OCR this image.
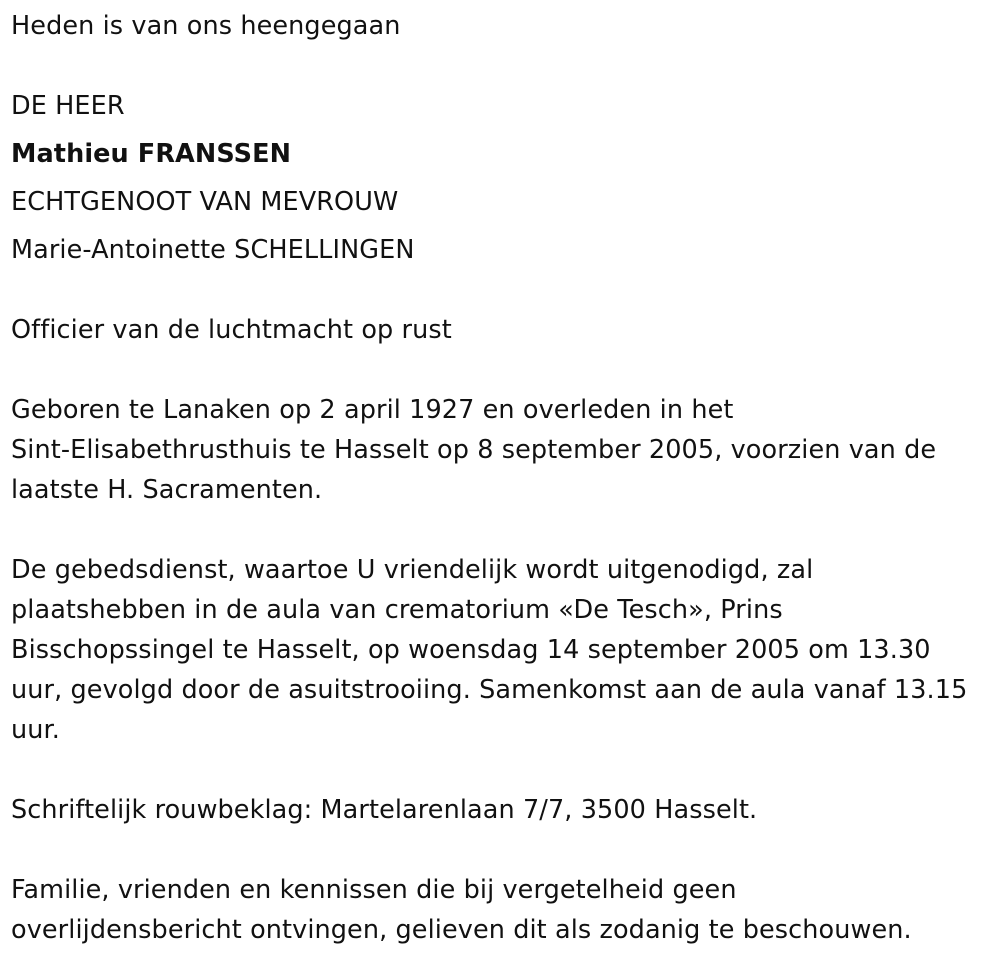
Heden is van ons heengegaan
DE HEER
Mathieu FRANSSEN
ECHTGENOOT VAN MEVROUW
Marie-Antoinette SCHELLINGEN
Officier van de luchtmacht op rust
Geboren te Lanaken op 2 april 1927 en overleden in het
Sint-Elisabethrusthuis te Hasselt op 8 september 2005, voorzien van de
laatste H. Sacramenten.
De gebedsdienst, waartoe U vriendelijk wordt uitgenodigd, zal
plaatshebben in de aula van crematorium «De Tesch», Prins
Bisschopssingel te Hasselt, op woensdag 14 september 2005 om 13.30
uur, gevolgd door de asuitstrooiing. Samenkomst aan de aula vanaf 13.15
uur.
Schriftelijk rouwbeklag: Martelarenlaan 7/7, 3500 Hasselt.
Familie, vrienden en kennissen die bij vergetelheid geen
overlijdensbericht ontvingen, gelieven dit als zodanig te beschouwen.
